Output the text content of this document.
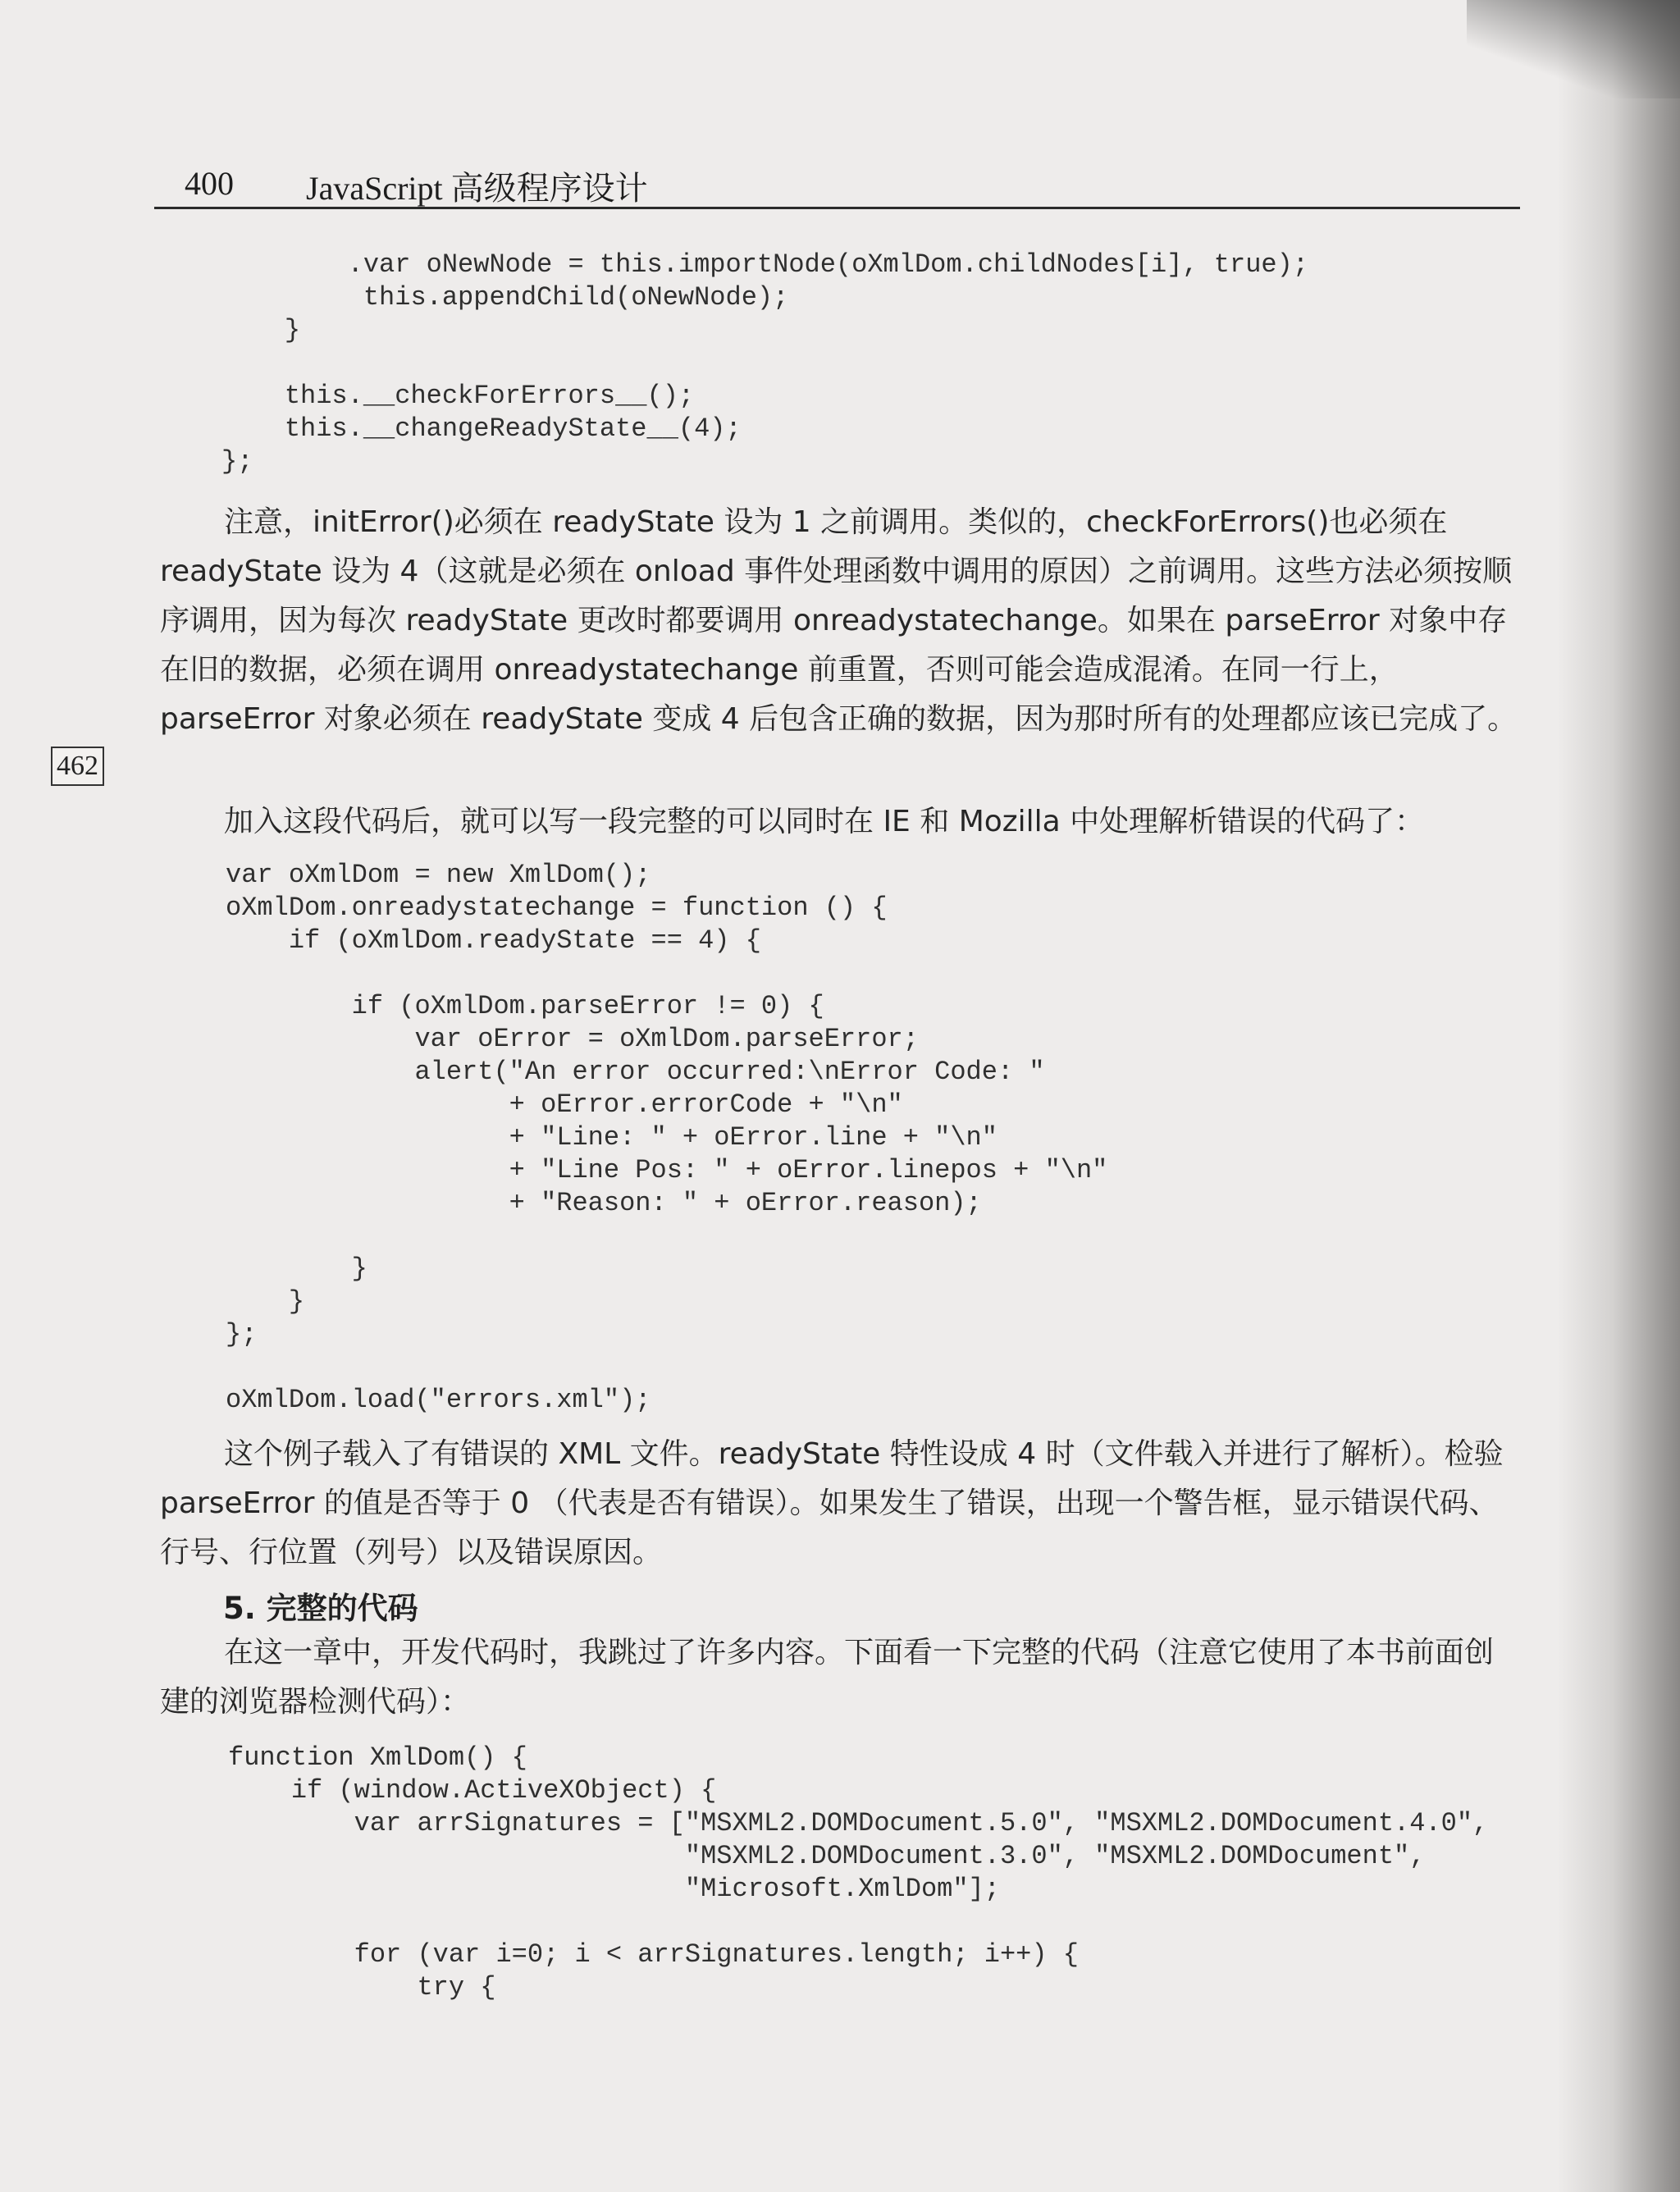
400 JavaScript 高级程序设计
.var oNewNode = this.importNode(oXmlDom.childNodes[i], true);
this.appendChild(oNewNode);
}

this.__checkForErrors__();
this.__changeReadyState__(4);
};

注意，initError()必须在 readyState 设为 1 之前调用。类似的，checkForErrors()也必须在 readyState 设为 4（这就是必须在 onload 事件处理函数中调用的原因）之前调用。这些方法必须按顺序调用，因为每次 readyState 更改时都要调用 onreadystatechange。如果在 parseError 对象中存在旧的数据，必须在调用 onreadystatechange 前重置，否则可能会造成混淆。在同一行上，parseError 对象必须在 readyState 变成 4 后包含正确的数据，因为那时所有的处理都应该已完成了。

462

加入这段代码后，就可以写一段完整的可以同时在 IE 和 Mozilla 中处理解析错误的代码了：

var oXmlDom = new XmlDom();
oXmlDom.onreadystatechange = function () {
if (oXmlDom.readyState == 4) {

if (oXmlDom.parseError != 0) {
var oError = oXmlDom.parseError;
alert("An error occurred:\nError Code: "
+ oError.errorCode + "\n"
+ "Line: " + oError.line + "\n"
+ "Line Pos: " + oError.linepos + "\n"
+ "Reason: " + oError.reason);

}
}
};

oXmlDom.load("errors.xml");

这个例子载入了有错误的 XML 文件。readyState 特性设成 4 时（文件载入并进行了解析）。检验 parseError 的值是否等于 0 （代表是否有错误）。如果发生了错误，出现一个警告框，显示错误代码、行号、行位置（列号）以及错误原因。

5. 完整的代码

在这一章中，开发代码时，我跳过了许多内容。下面看一下完整的代码（注意它使用了本书前面创建的浏览器检测代码）：

function XmlDom() {
if (window.ActiveXObject) {
var arrSignatures = ["MSXML2.DOMDocument.5.0", "MSXML2.DOMDocument.4.0",
"MSXML2.DOMDocument.3.0", "MSXML2.DOMDocument",
"Microsoft.XmlDom"];

for (var i=0; i < arrSignatures.length; i++) {
try {
